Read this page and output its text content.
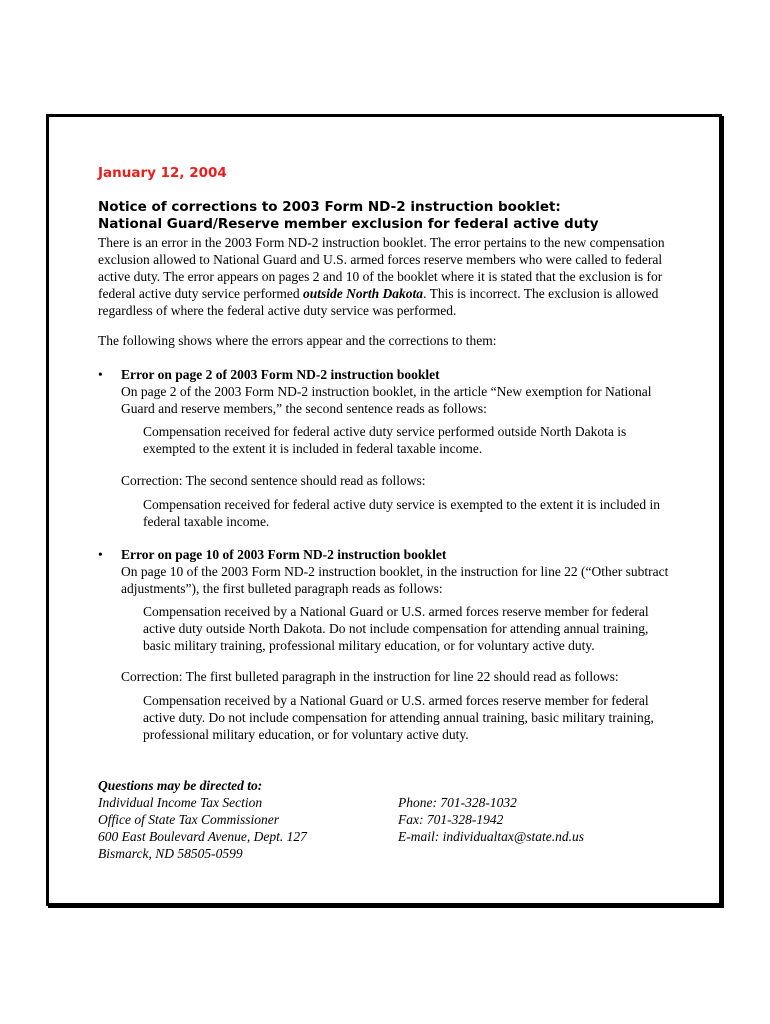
January 12, 2004
Notice of corrections to 2003 Form ND-2 instruction booklet:
National Guard/Reserve member exclusion for federal active duty
There is an error in the 2003 Form ND-2 instruction booklet. The error pertains to the new compensation exclusion allowed to National Guard and U.S. armed forces reserve members who were called to federal active duty. The error appears on pages 2 and 10 of the booklet where it is stated that the exclusion is for federal active duty service performed outside North Dakota. This is incorrect. The exclusion is allowed regardless of where the federal active duty service was performed.
The following shows where the errors appear and the corrections to them:
• Error on page 2 of 2003 Form ND-2 instruction booklet
On page 2 of the 2003 Form ND-2 instruction booklet, in the article “New exemption for National Guard and reserve members,” the second sentence reads as follows:
Compensation received for federal active duty service performed outside North Dakota is exempted to the extent it is included in federal taxable income.
Correction: The second sentence should read as follows:
Compensation received for federal active duty service is exempted to the extent it is included in federal taxable income.
• Error on page 10 of 2003 Form ND-2 instruction booklet
On page 10 of the 2003 Form ND-2 instruction booklet, in the instruction for line 22 (“Other subtract adjustments”), the first bulleted paragraph reads as follows:
Compensation received by a National Guard or U.S. armed forces reserve member for federal active duty outside North Dakota. Do not include compensation for attending annual training, basic military training, professional military education, or for voluntary active duty.
Correction: The first bulleted paragraph in the instruction for line 22 should read as follows:
Compensation received by a National Guard or U.S. armed forces reserve member for federal active duty. Do not include compensation for attending annual training, basic military training, professional military education, or for voluntary active duty.
Questions may be directed to:
Individual Income Tax Section
Office of State Tax Commissioner
600 East Boulevard Avenue, Dept. 127
Bismarck, ND 58505-0599
Phone: 701-328-1032
Fax: 701-328-1942
E-mail: individualtax@state.nd.us
